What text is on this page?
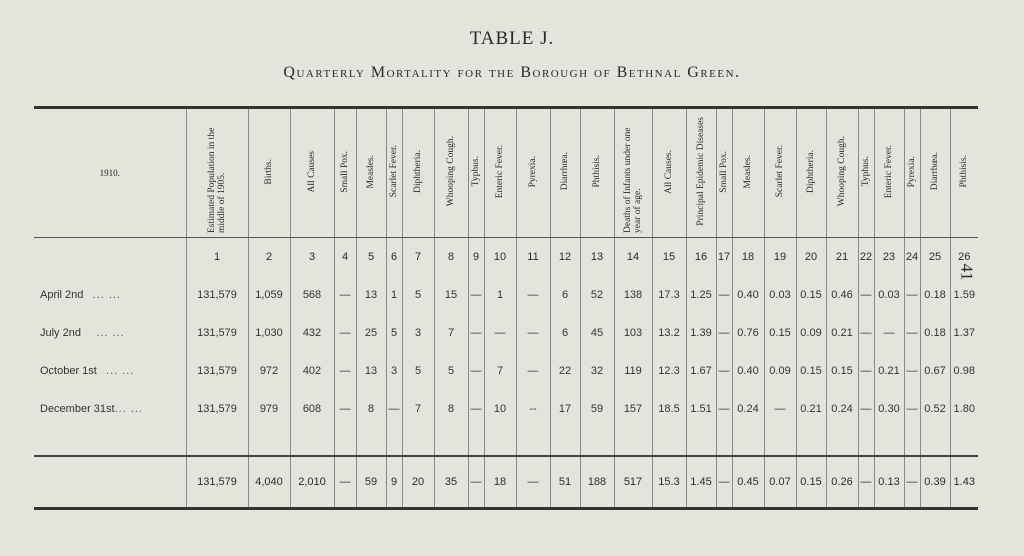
TABLE J.
Quarterly Mortality for the Borough of Bethnal Green.
41
1910.	Estimated Population in the middle of 1905.	Births.	All Causes	Small Pox.	Measles.	Scarlet Fever.	Diphtheria.	Whooping Cough.	Typhus.	Enteric Fever.	Pyrexia.	Diarrhœa.	Phthisis.	Deaths of Infants under one year of age.	All Causes.	Principal Epidemic Diseases	Small Pox.	Measles.	Scarlet Fever.	Diphtheria.	Whooping Cough.	Typhus.	Enteric Fever.	Pyrexia.	Diarrhœa.	Phthisis.
	1	2	3	4	5	6	7	8	9	10	11	12	13	14	15	16	17	18	19	20	21	22	23	24	25	26
April 2nd ... ...	131,579	1,059	568	—	13	1	5	15	—	1	—	6	52	138	17.3	1.25	—	0.40	0.03	0.15	0.46	—	0.03	—	0.18	1.59
July 2nd ... ...	131,579	1,030	432	—	25	5	3	7	—	—	—	6	45	103	13.2	1.39	—	0.76	0.15	0.09	0.21	—	—	—	0.18	1.37
October 1st ... ...	131,579	972	402	—	13	3	5	5	—	7	—	22	32	119	12.3	1.67	—	0.40	0.09	0.15	0.15	—	0.21	—	0.67	0.98
December 31st... ...	131,579	979	608	—	8	—	7	8	—	10	--	17	59	157	18.5	1.51	—	0.24	—	0.21	0.24	—	0.30	—	0.52	1.80

	131,579	4,040	2,010	—	59	9	20	35	—	18	—	51	188	517	15.3	1.45	—	0.45	0.07	0.15	0.26	—	0.13	—	0.39	1.43
